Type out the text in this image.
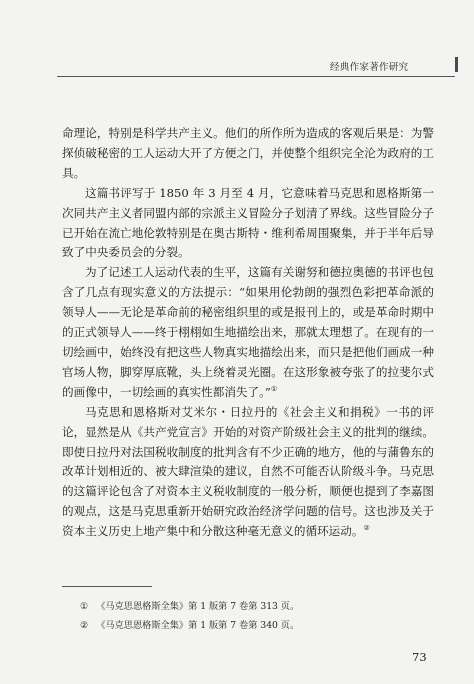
经典作家著作研究

命理论，特别是科学共产主义。他们的所作所为造成的客观后果是：为警探侦破秘密的工人运动大开了方便之门，并使整个组织完全沦为政府的工具。

这篇书评写于 1850 年 3 月至 4 月，它意味着马克思和恩格斯第一次同共产主义者同盟内部的宗派主义冒险分子划清了界线。这些冒险分子已开始在流亡地伦敦特别是在奥古斯特・维利希周围聚集，并于半年后导致了中央委员会的分裂。

为了记述工人运动代表的生平，这篇有关谢努和德拉奥德的书评也包含了几点有现实意义的方法提示：“如果用伦勃朗的强烈色彩把革命派的领导人——无论是革命前的秘密组织里的或是报刊上的，或是革命时期中的正式领导人——终于栩栩如生地描绘出来，那就太理想了。在现有的一切绘画中，始终没有把这些人物真实地描绘出来，而只是把他们画成一种官场人物，脚穿厚底靴，头上绕着灵光圈。在这形象被夸张了的拉斐尔式的画像中，一切绘画的真实性都消失了。”①

马克思和恩格斯对艾米尔・日拉丹的《社会主义和捐税》一书的评论，显然是从《共产党宣言》开始的对资产阶级社会主义的批判的继续。即使日拉丹对法国税收制度的批判含有不少正确的地方，他的与蒲鲁东的改革计划相近的、被大肆渲染的建议，自然不可能否认阶级斗争。马克思的这篇评论包含了对资本主义税收制度的一般分析，顺便也提到了李嘉图的观点，这是马克思重新开始研究政治经济学问题的信号。这也涉及关于资本主义历史上地产集中和分散这种毫无意义的循环运动。②

① 《马克思恩格斯全集》第 1 版第 7 卷第 313 页。
② 《马克思恩格斯全集》第 1 版第 7 卷第 340 页。
73
